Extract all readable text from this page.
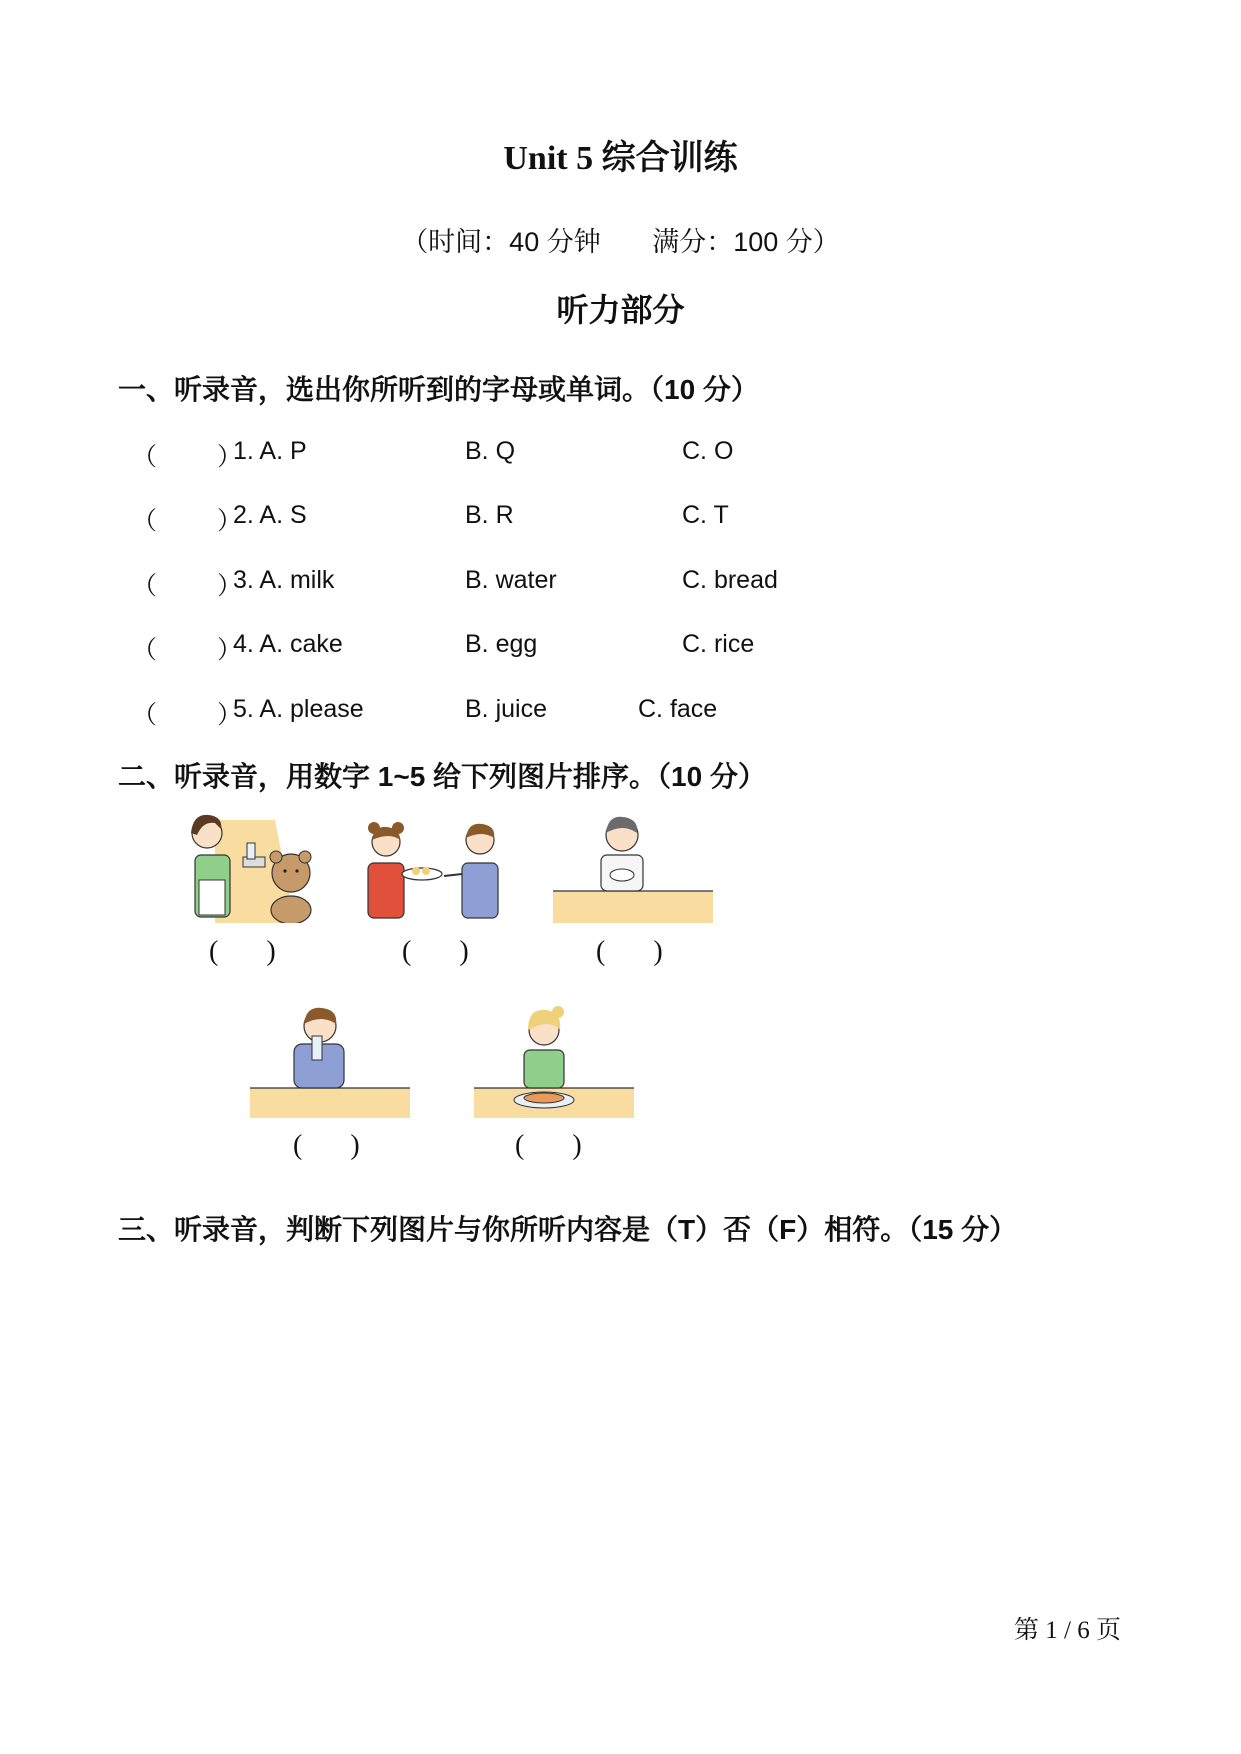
Unit 5 综合训练
（时间：40 分钟 满分：100 分）
听力部分
一、听录音，选出你所听到的字母或单词。（10 分）
（ ）
1. A. P	B. Q	C. O
（ ）
2. A. S	B. R	C. T
（ ）
3. A. milk	B. water	C. bread
（ ）
4. A. cake	B. egg	C. rice
（ ）
5. A. please	B. juice	C. face
二、听录音，用数字 1~5 给下列图片排序。（10 分）
( )	( )	( )
( )	( )
三、听录音，判断下列图片与你所听内容是（T）否（F）相符。（15 分）
第 1 / 6 页
